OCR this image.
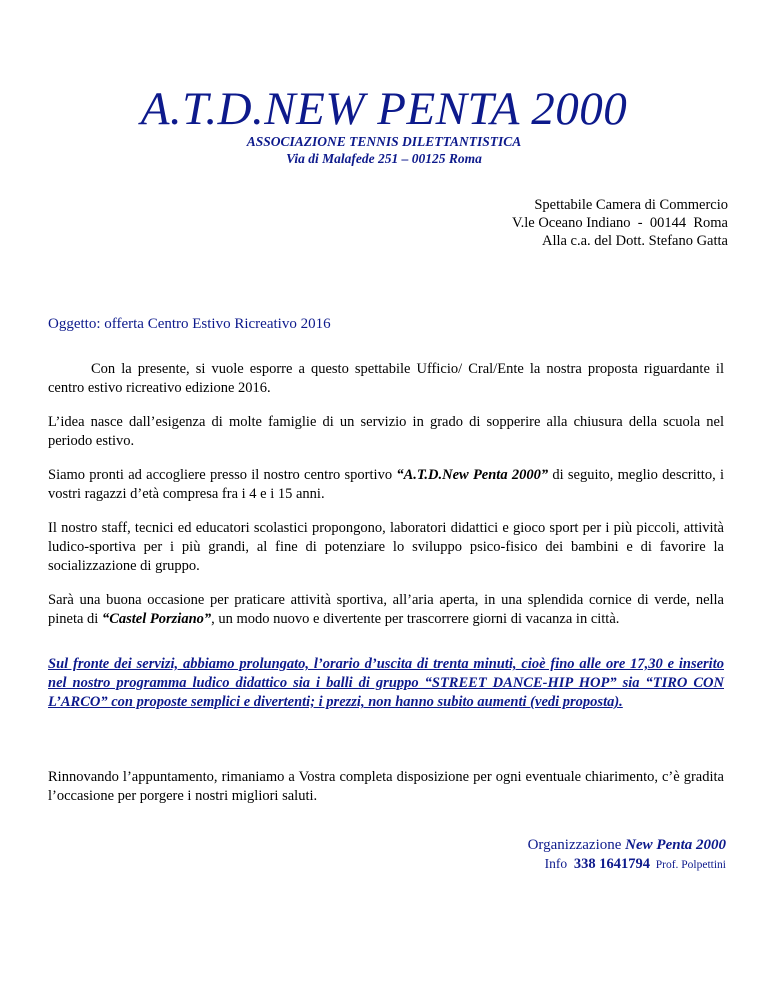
A.T.D.NEW PENTA 2000
ASSOCIAZIONE TENNIS DILETTANTISTICA
Via di Malafede 251 – 00125 Roma
Spettabile Camera di Commercio
V.le Oceano Indiano  -  00144  Roma
Alla c.a. del Dott. Stefano Gatta
Oggetto: offerta Centro Estivo Ricreativo 2016
Con la presente, si vuole esporre a questo spettabile Ufficio/ Cral/Ente la nostra proposta riguardante il centro estivo ricreativo edizione 2016.
L’idea nasce dall’esigenza di molte famiglie di un servizio in grado di sopperire alla chiusura della scuola nel periodo estivo.
Siamo pronti ad accogliere presso il nostro centro sportivo “A.T.D.New Penta 2000” di seguito, meglio descritto, i vostri ragazzi d’età compresa fra i 4 e i 15 anni.
Il nostro staff, tecnici ed educatori scolastici propongono, laboratori didattici e gioco sport per i più piccoli, attività ludico-sportiva per i più grandi, al fine di potenziare lo sviluppo psico-fisico dei bambini e di favorire la socializzazione di gruppo.
Sarà una buona occasione per praticare attività sportiva, all’aria aperta, in una splendida cornice di verde, nella pineta di “Castel Porziano”, un modo nuovo e divertente per trascorrere giorni di vacanza in città.
Sul fronte dei servizi, abbiamo prolungato, l’orario d’uscita di trenta minuti, cioè fino alle ore 17,30 e inserito nel nostro programma ludico didattico sia i balli di gruppo “STREET DANCE-HIP HOP” sia “TIRO CON L’ARCO” con proposte semplici e divertenti; i prezzi, non hanno subito aumenti (vedi proposta).
Rinnovando l’appuntamento, rimaniamo a Vostra completa disposizione per ogni eventuale chiarimento, c’è gradita l’occasione per porgere i nostri migliori saluti.
Organizzazione New Penta 2000
Info  338 1641794  Prof. Polpettini
